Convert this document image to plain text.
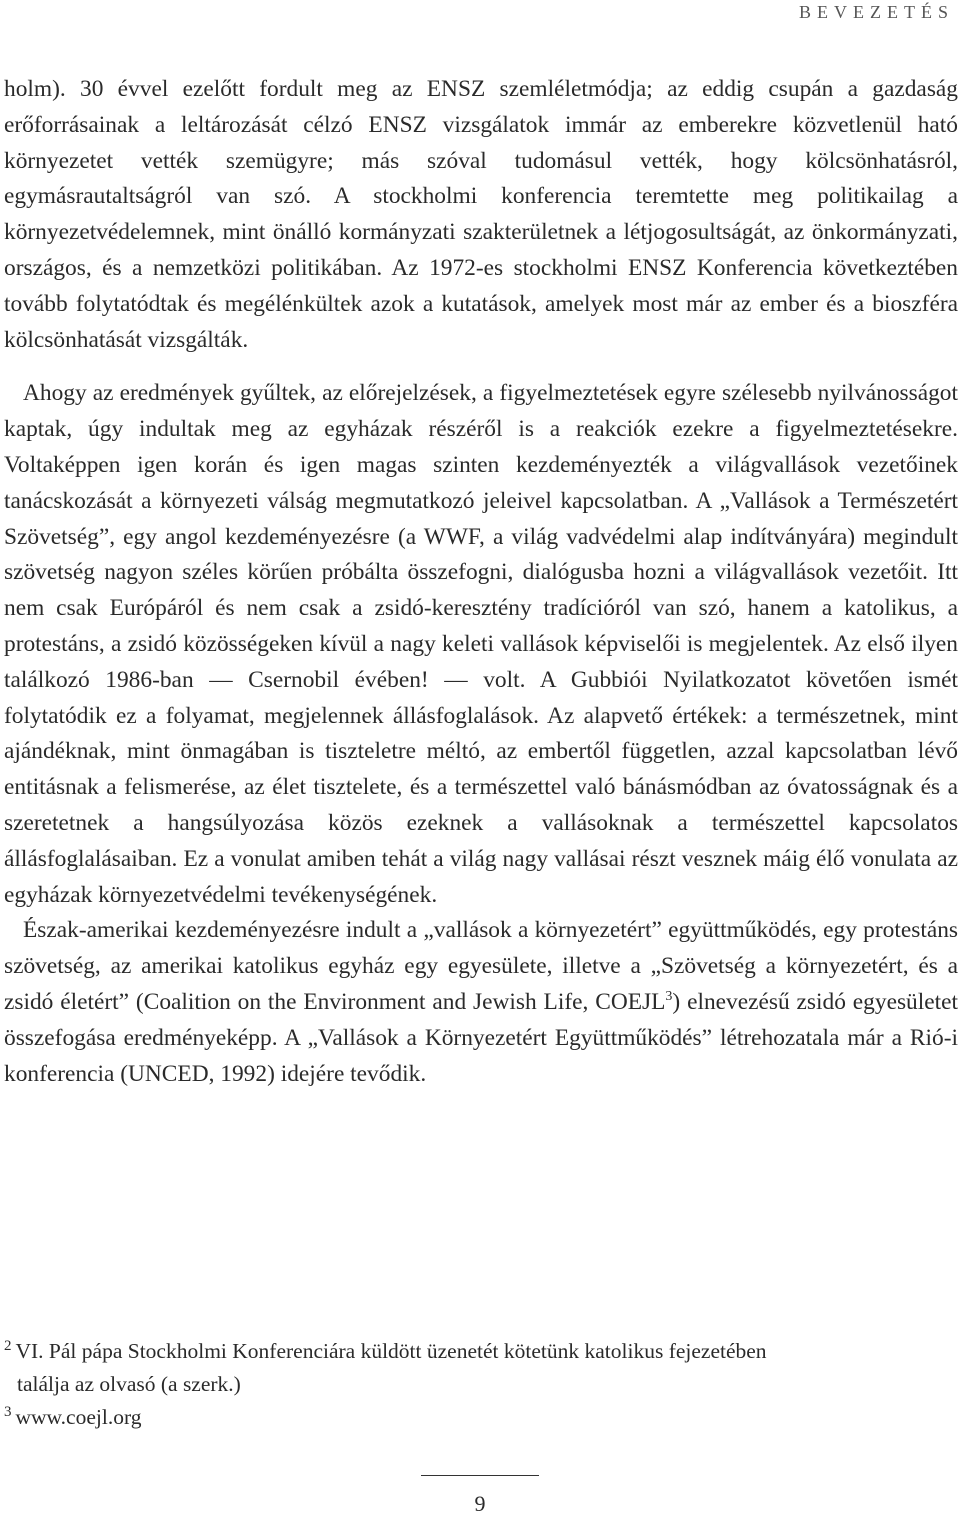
BEVEZETÉS

holm). 30 évvel ezelőtt fordult meg az ENSZ szemléletmódja; az eddig csupán a gazdaság erőforrásainak a leltározását célzó ENSZ vizsgálatok immár az emberekre közvetlenül ható környezetet vették szemügyre; más szóval tudomásul vették, hogy kölcsönhatásról, egymásrautaltságról van szó. A stockholmi konferencia teremtette meg politikailag a környezetvédelemnek, mint önálló kormányzati szakterületnek a létjogosultságát, az önkormányzati, országos, és a nemzetközi politikában. Az 1972-es stockholmi ENSZ Konferencia következtében tovább folytatódtak és megélénkültek azok a kutatások, amelyek most már az ember és a bioszféra kölcsönhatását vizsgálták.

Ahogy az eredmények gyűltek, az előrejelzések, a figyelmeztetések egyre szélesebb nyilvánosságot kaptak, úgy indultak meg az egyházak részéről is a reakciók ezekre a figyelmeztetésekre. Voltaképpen igen korán és igen magas szinten kezdeményezték a világvallások vezetőinek tanácskozását a környezeti válság megmutatkozó jeleivel kapcsolatban. A „Vallások a Természetért Szövetség”, egy angol kezdeményezésre (a WWF, a világ vadvédelmi alap indítványára) megindult szövetség nagyon széles körűen próbálta összefogni, dialógusba hozni a világvallások vezetőit. Itt nem csak Európáról és nem csak a zsidó-keresztény tradícióról van szó, hanem a katolikus, a protestáns, a zsidó közösségeken kívül a nagy keleti vallások képviselői is megjelentek. Az első ilyen találkozó 1986-ban — Csernobil évében! — volt. A Gubbiói Nyilatkozatot követően ismét folytatódik ez a folyamat, megjelennek állásfoglalások. Az alapvető értékek: a természetnek, mint ajándéknak, mint önmagában is tiszteletre méltó, az embertől független, azzal kapcsolatban lévő entitásnak a felismerése, az élet tisztelete, és a természettel való bánásmódban az óvatosságnak és a szeretetnek a hangsúlyozása közös ezeknek a vallásoknak a természettel kapcsolatos állásfoglalásaiban. Ez a vonulat amiben tehát a világ nagy vallásai részt vesznek máig élő vonulata az egyházak környezetvédelmi tevékenységének.

Észak-amerikai kezdeményezésre indult a „vallások a környezetért” együttműködés, egy protestáns szövetség, az amerikai katolikus egyház egy egyesülete, illetve a „Szövetség a környezetért, és a zsidó életért” (Coalition on the Environment and Jewish Life, COEJL$^3$) elnevezésű zsidó egyesületet összefogása eredményeképp. A „Vallások a Környezetért Együttműködés” létrehozatala már a Rió-i konferencia (UNCED, 1992) idejére tevődik.

$^2$ VI. Pál pápa Stockholmi Konferenciára küldött üzenetét kötetünk katolikus fejezetében

találja az olvasó (a szerk.)

$^3$ www.coejl.org

9
